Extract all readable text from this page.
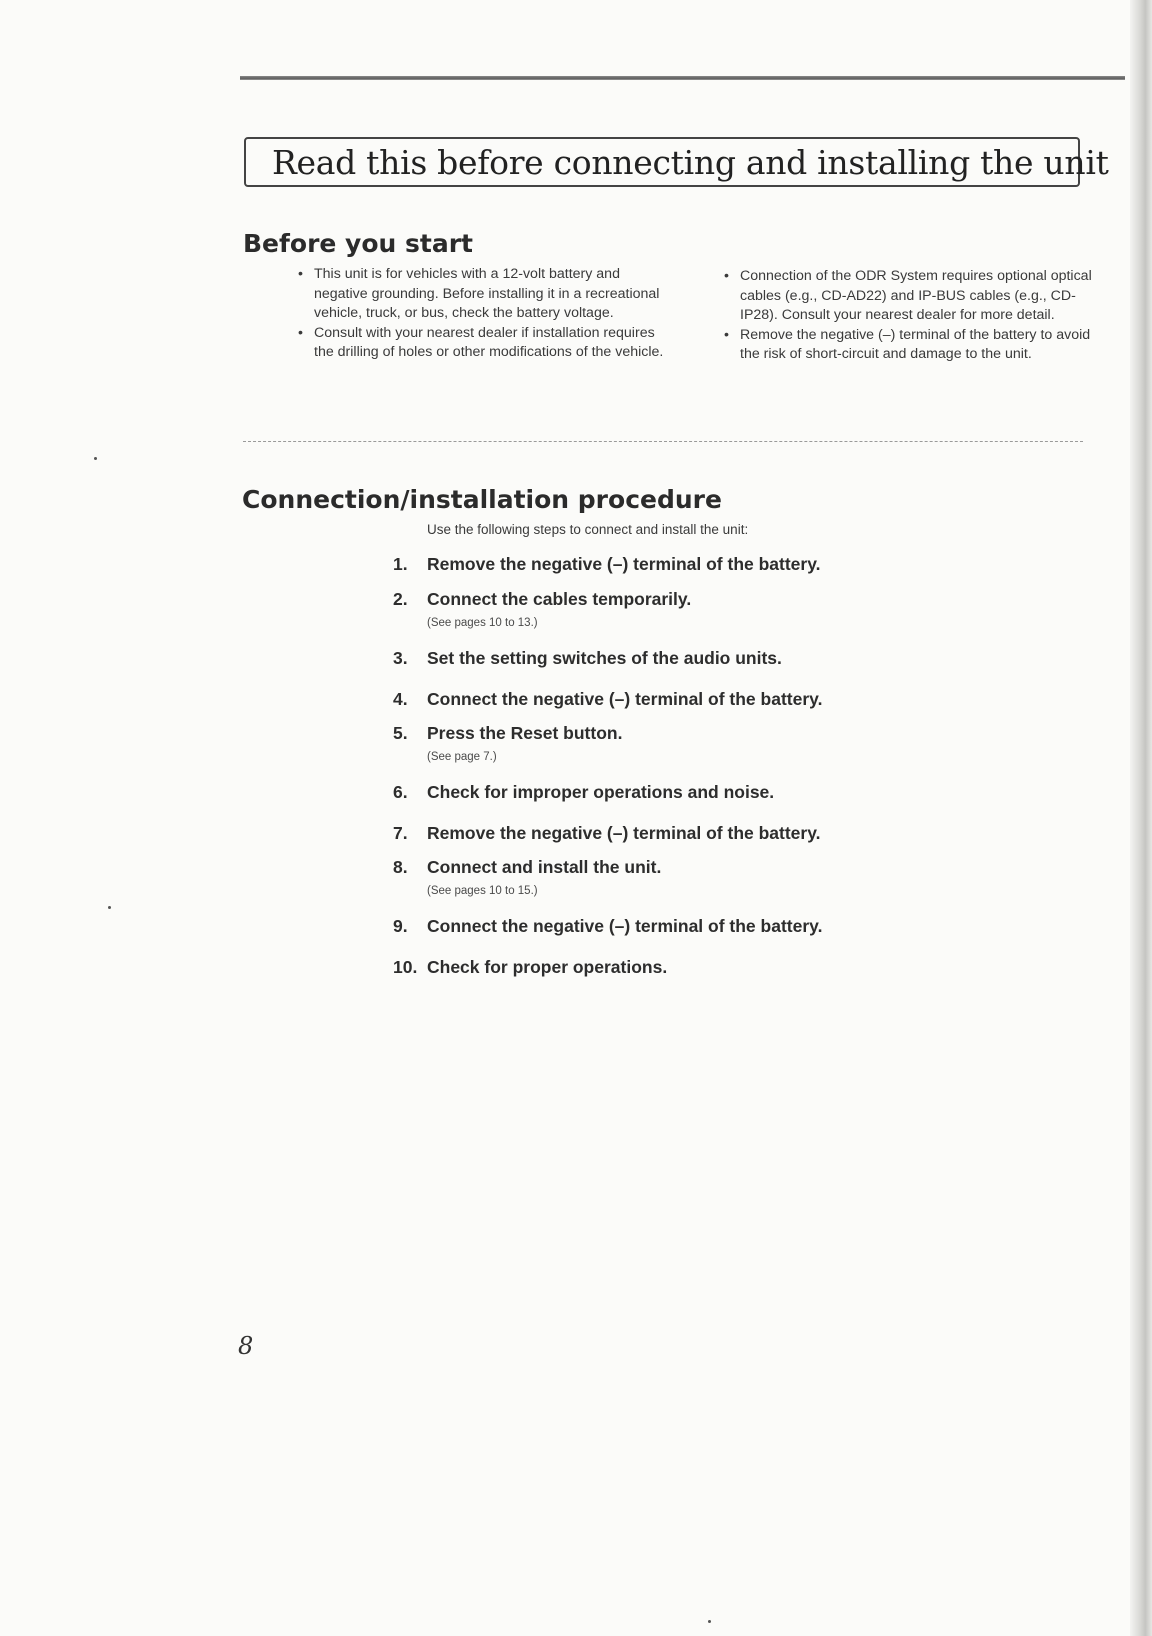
Read this before connecting and installing the unit
Before you start
• This unit is for vehicles with a 12-volt battery and negative grounding. Before installing it in a recreational vehicle, truck, or bus, check the battery voltage.
• Consult with your nearest dealer if installation requires the drilling of holes or other modifications of the vehicle.
• Connection of the ODR System requires optional optical cables (e.g., CD-AD22) and IP-BUS cables (e.g., CD-IP28). Consult your nearest dealer for more detail.
• Remove the negative (–) terminal of the battery to avoid the risk of short-circuit and damage to the unit.
Connection/installation procedure

Use the following steps to connect and install the unit:

1. Remove the negative (–) terminal of the battery.
2. Connect the cables temporarily.
(See pages 10 to 13.)
3. Set the setting switches of the audio units.
4. Connect the negative (–) terminal of the battery.
5. Press the Reset button.
(See page 7.)
6. Check for improper operations and noise.
7. Remove the negative (–) terminal of the battery.
8. Connect and install the unit.
(See pages 10 to 15.)
9. Connect the negative (–) terminal of the battery.
10. Check for proper operations.

8
